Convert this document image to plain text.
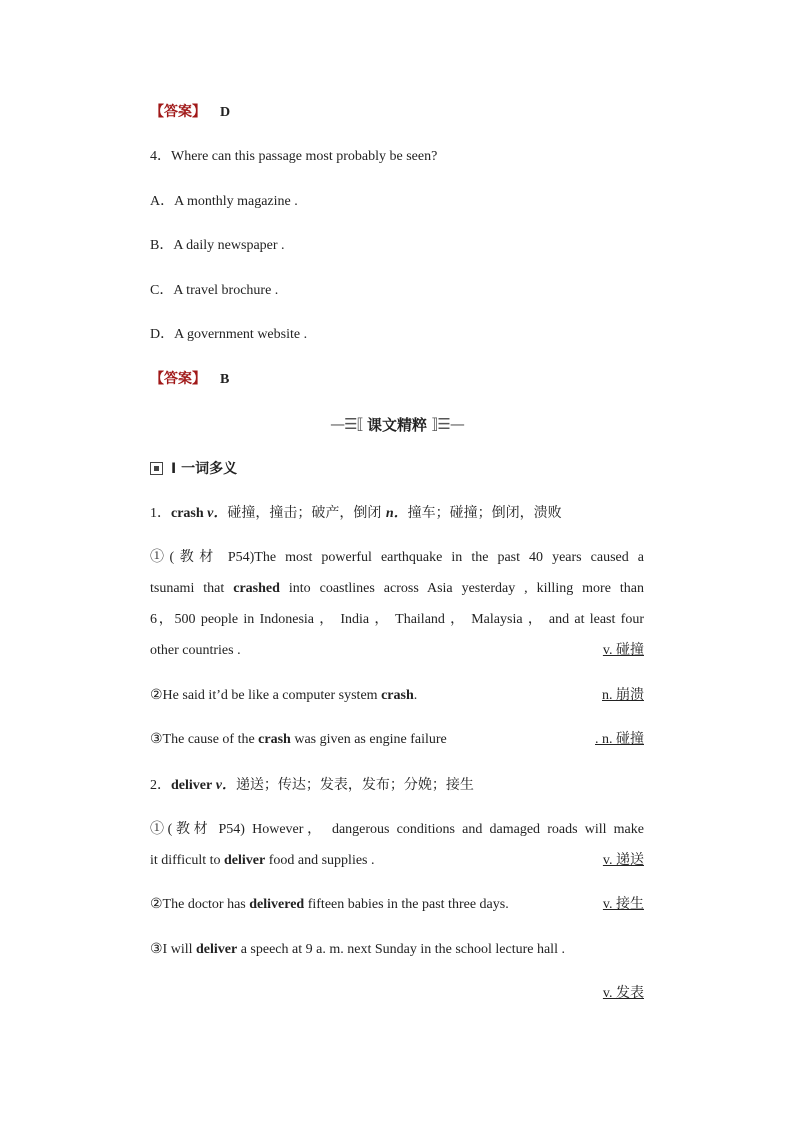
【答案】 D
4．Where can this passage most probably be seen?
A．A monthly magazine .
B．A daily newspaper .
C．A travel brochure .
D．A government website .
【答案】 B
—☰⟦ 课文精粹 ⟧☰—
Ⅰ 一词多义
1．crash v．碰撞，撞击；破产，倒闭 n．撞车；碰撞；倒闭，溃败
①(教材 P54)The most powerful earthquake in the past 40 years caused a
tsunami that crashed into coastlines across Asia yesterday , killing more than
6，500 people in Indonesia ， India ， Thailand ， Malaysia ， and at least four
other countries .	v. 碰撞
②He said it’d be like a computer system crash.	n. 崩溃
③The cause of the crash was given as engine failure	. n. 碰撞
2．deliver v．递送；传达；发表，发布；分娩；接生
①(教材 P54) However， dangerous conditions and damaged roads will make
it difficult to deliver food and supplies .	v. 递送
②The doctor has delivered fifteen babies in the past three days.	v. 接生
③I will deliver a speech at 9 a. m. next Sunday in the school lecture hall .
v. 发表
